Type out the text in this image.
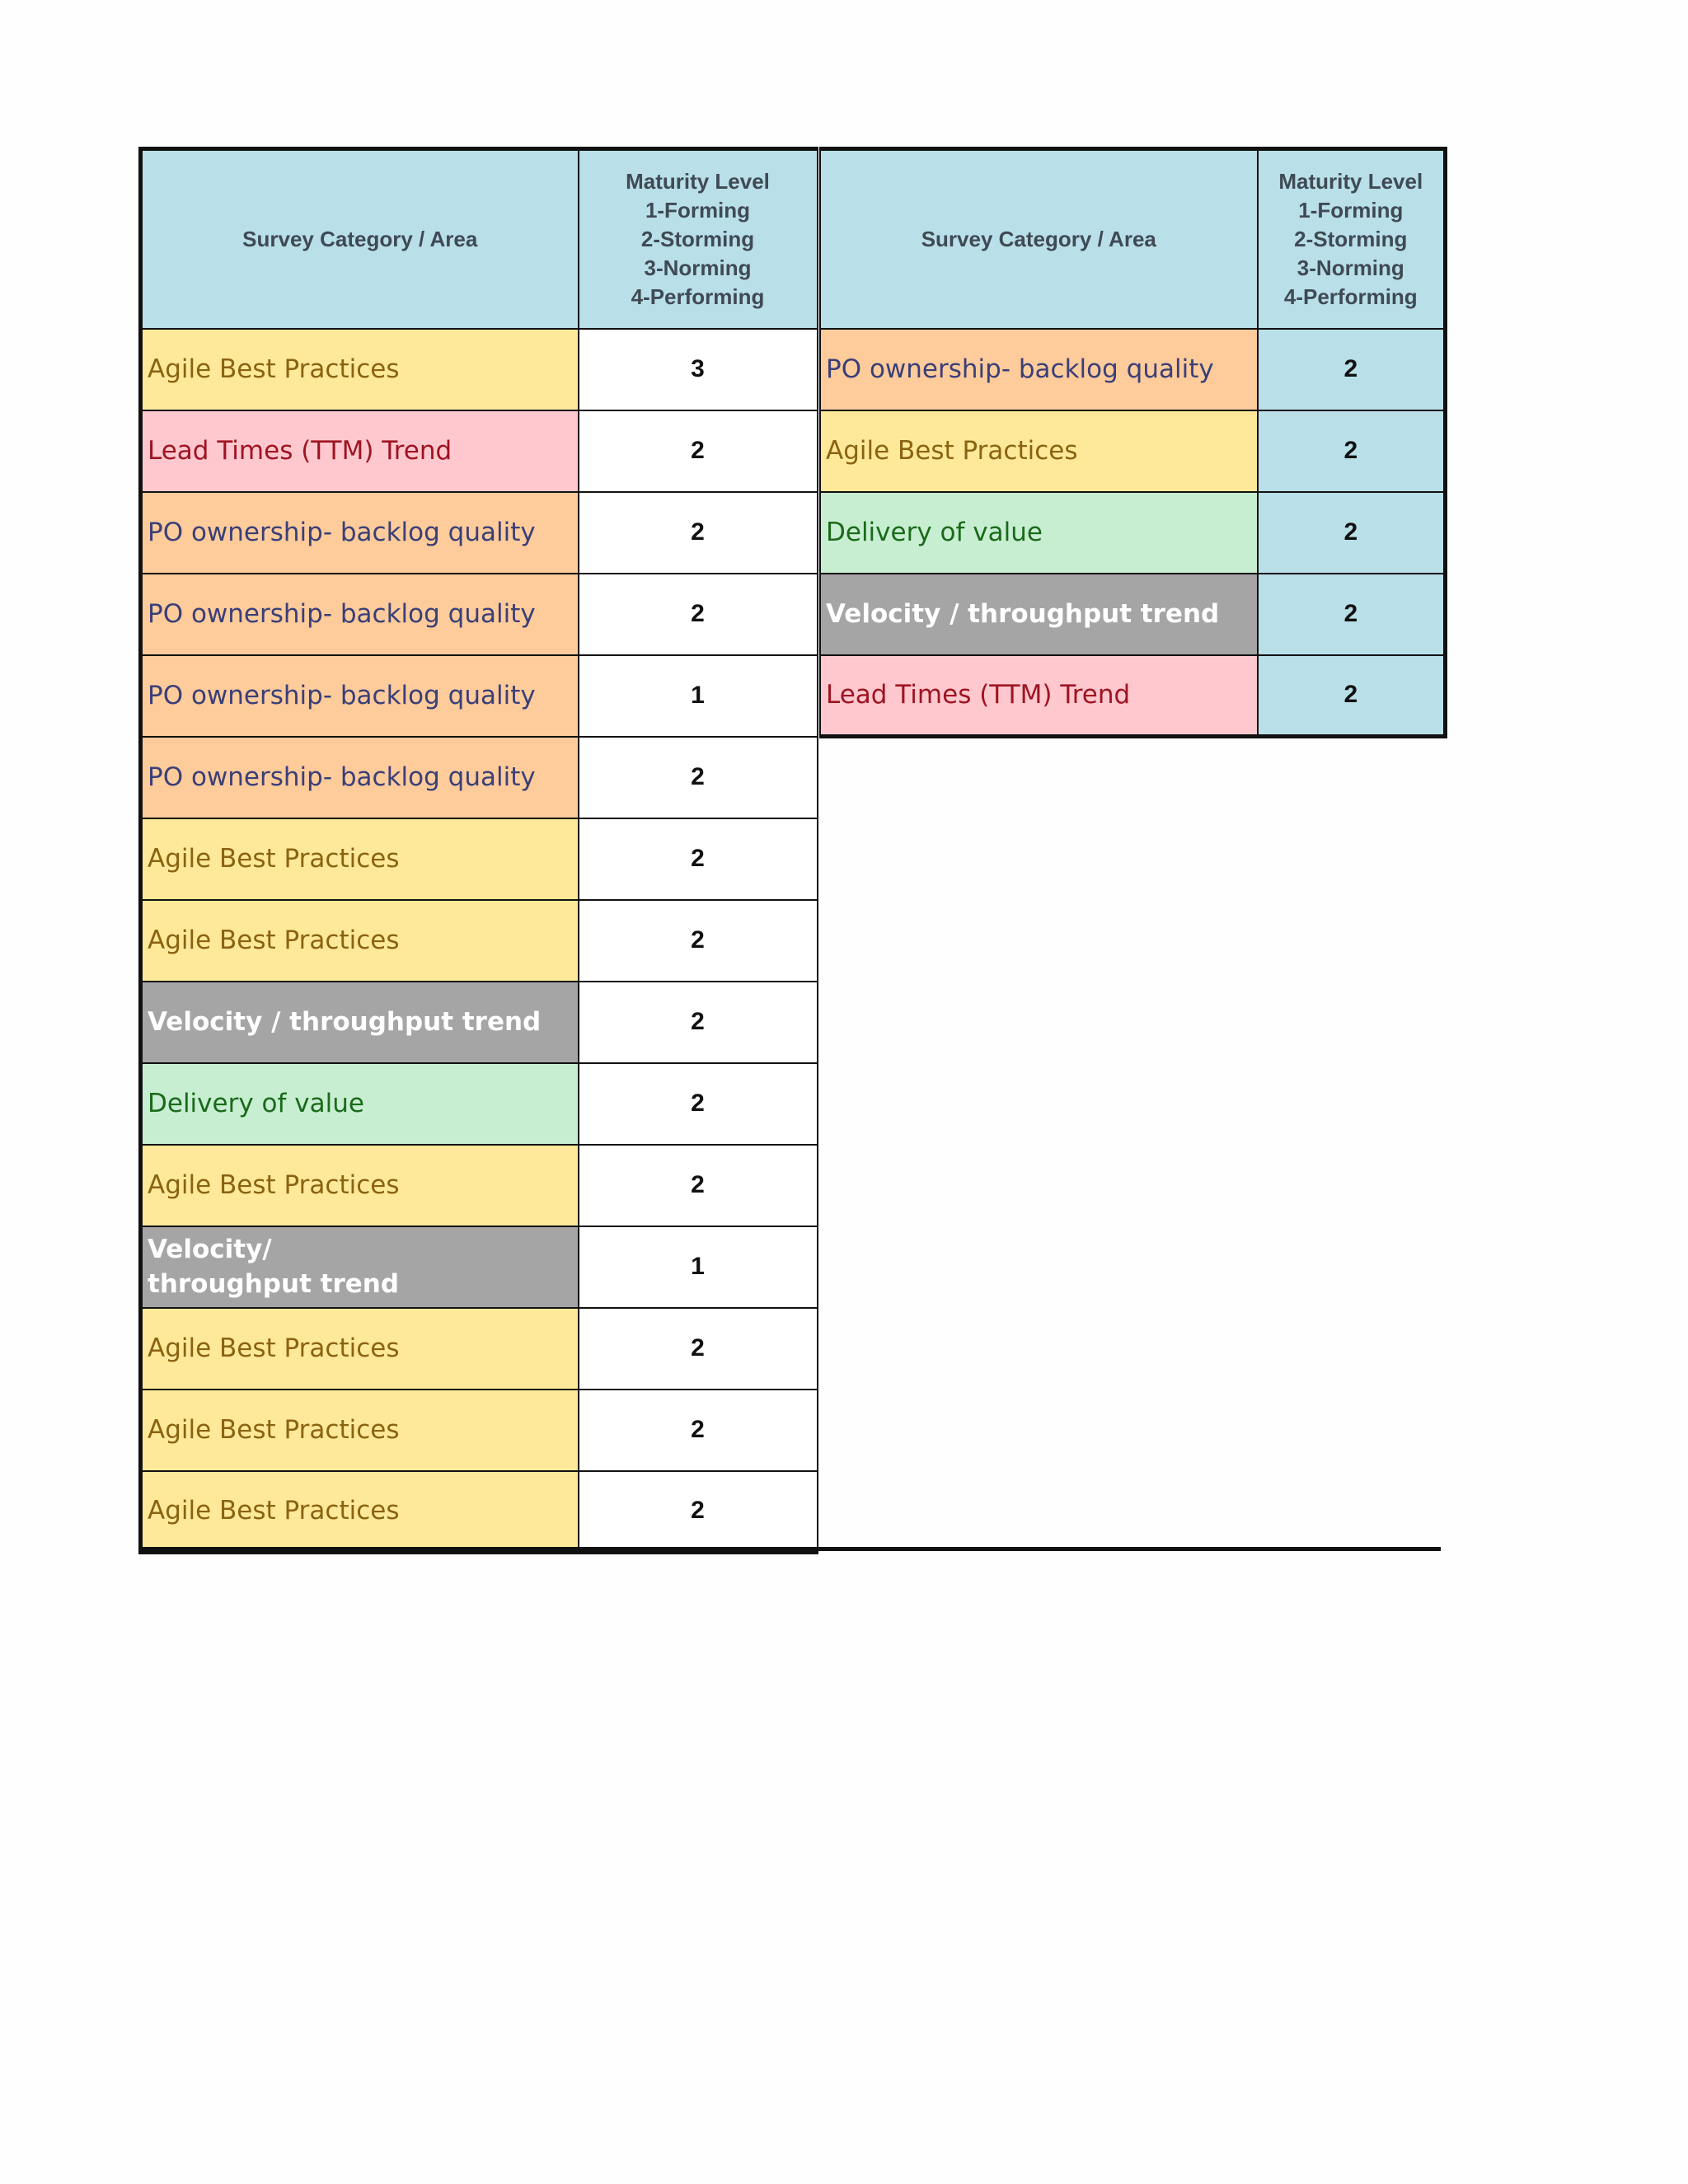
Survey Category / Area	Maturity Level
1-Forming
2-Storming
3-Norming
4-Performing

Agile Best Practices	3
Lead Times (TTM) Trend	2
PO ownership- backlog quality	2
PO ownership- backlog quality	2
PO ownership- backlog quality	1
PO ownership- backlog quality	2
Agile Best Practices	2
Agile Best Practices	2
Velocity / throughput trend	2
Delivery of value	2
Agile Best Practices	2
Velocity/
throughput trend	1
Agile Best Practices	2
Agile Best Practices	2
Agile Best Practices	2
Survey Category / Area	Maturity Level
1-Forming
2-Storming
3-Norming
4-Performing

PO ownership- backlog quality	2
Agile Best Practices	2
Delivery of value	2
Velocity / throughput trend	2
Lead Times (TTM) Trend	2
